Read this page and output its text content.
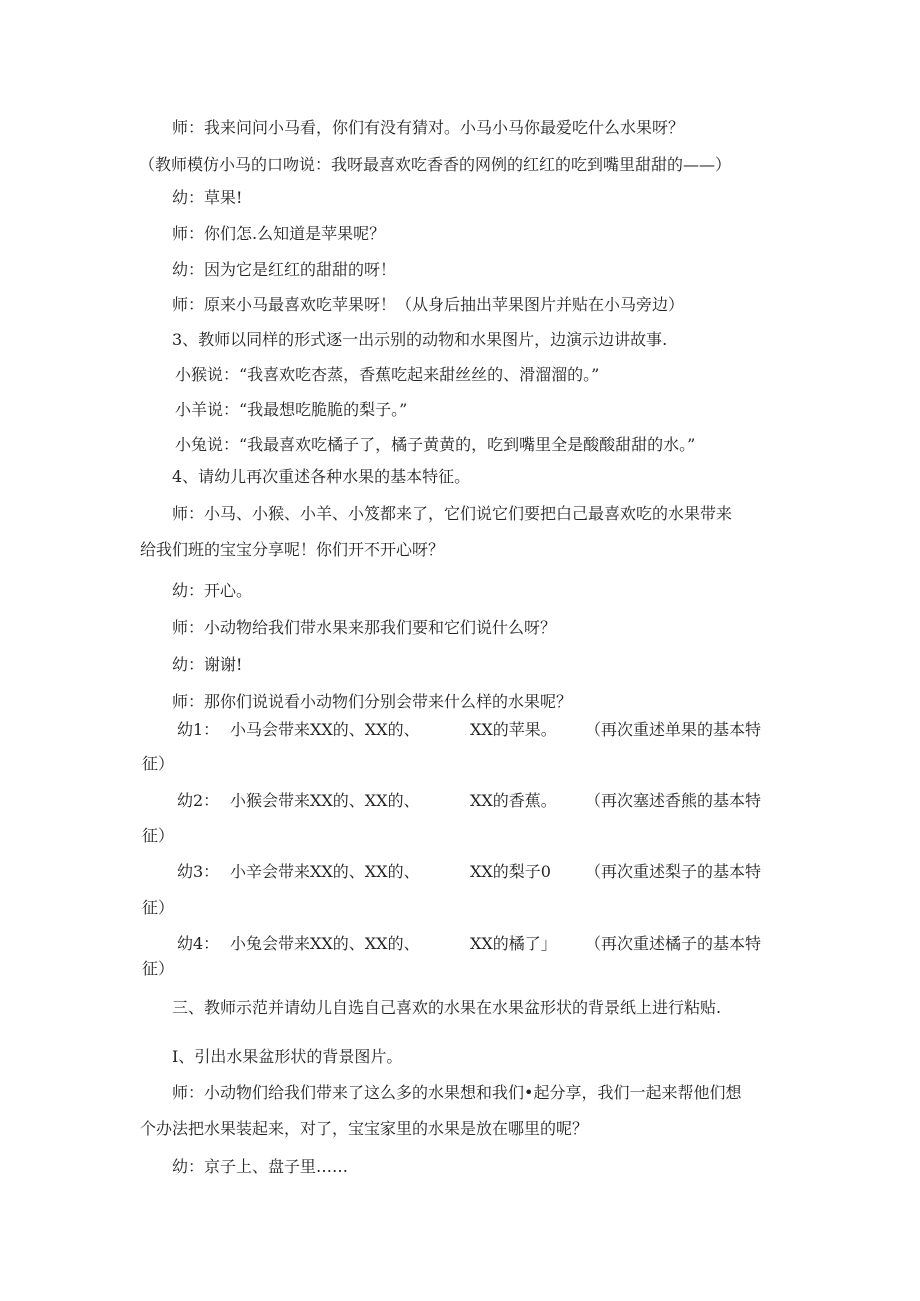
师：我来问问小马看，你们有没有猜对。小马小马你最爱吃什么水果呀？

（教师模仿小马的口吻说：我呀最喜欢吃香香的网例的红红的吃到嘴里甜甜的——）

幼：草果!

师：你们怎.么知道是苹果呢？

幼：因为它是红红的甜甜的呀！

师：原来小马最喜欢吃苹果呀！（从身后抽出苹果图片并贴在小马旁边）

3、教师以同样的形式逐一出示别的动物和水果图片，边演示边讲故事.

小猴说：“我喜欢吃杏蒸，香蕉吃起来甜丝丝的、滑溜溜的。”

小羊说：“我最想吃脆脆的梨子。”

小兔说：“我最喜欢吃橘子了，橘子黄黄的，吃到嘴里全是酸酸甜甜的水。”

4、请幼儿再次重述各种水果的基本特征。

师：小马、小猴、小羊、小笈都来了，它们说它们要把白己最喜欢吃的水果带来

给我们班的宝宝分享呢！你们开不开心呀？

幼：开心。

师：小动物给我们带水果来那我们要和它们说什么呀？

幼：谢谢!

师：那你们说说看小动物们分别会带来什么样的水果呢？

幼1： 小马会带来XX的、XX的、	XX的苹果。 （再次重述单果的基本特
征）
幼2： 小猴会带来XX的、XX的、	XX的香蕉。 （再次塞述香熊的基本特
征）
幼3： 小辛会带来XX的、XX的、	XX的梨子0 （再次重述梨子的基本特
征）
幼4： 小兔会带来XX的、XX的、	XX的橘了」 （再次重述橘子的基本特
征）

三、教师示范并请幼儿自选自己喜欢的水果在水果盆形状的背景纸上进行粘贴.

I、引出水果盆形状的背景图片。

师：小动物们给我们带来了这么多的水果想和我们•起分享，我们一起来帮他们想

个办法把水果装起来，对了，宝宝家里的水果是放在哪里的呢？

幼：京子上、盘子里……
